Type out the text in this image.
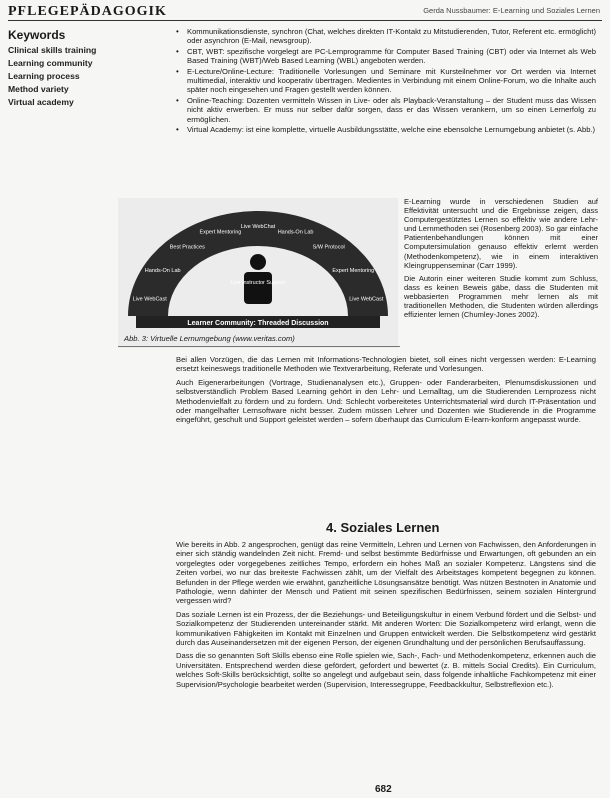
PFLEGEPÄDAGOGIK	Gerda Nussbaumer: E-Learning und Soziales Lernen
Keywords
Clinical skills training
Learning community
Learning process
Method variety
Virtual academy
• Kommunikationsdienste, synchron (Chat, welches direkten IT-Kontakt zu Mitstudierenden, Tutor, Referent etc. ermöglicht) oder asynchron (E-Mail, newsgroup).
• CBT, WBT: spezifische vorgelegt are PC-Lernprogramme für Computer Based Training (CBT) oder via Internet als Web Based Training (WBT)/Web Based Learning (WBL) angeboten werden.
• E-Lecture/Online-Lecture: Traditionelle Vorlesungen und Seminare mit Kursteilnehmer vor Ort werden via Internet multimedial, interaktiv und kooperativ übertragen. Medientes in Verbindung mit einem Online-Forum, wo die Inhalte auch später noch eingesehen und Fragen gestellt werden können.
• Online-Teaching: Dozenten vermitteln Wissen in Live- oder als Playback-Veranstaltung – der Student muss das Wissen nicht aktiv erwerben. Er muss nur selber dafür sorgen, dass er das Wissen verankern, um so einen Lernerfolg zu ermöglichen.
• Virtual Academy: ist eine komplette, virtuelle Ausbildungsstätte, welche eine ebensolche Lernumgebung anbietet (s. Abb.)
Live WebCast
Hands-On Lab
Best Practices
Expert Mentoring
Live WebChat
Hands-On Lab
S/W Protocol
Expert Mentoring
Live WebCast
Live Instructor Support
Learner Community: Threaded Discussion
Abb. 3: Virtuelle Lernumgebung (www.veritas.com)

E-Learning wurde in verschiedenen Studien auf Effektivität untersucht und die Ergebnisse zeigen, dass Computergestütztes Lernen so effektiv wie andere Lehr- und Lernmethoden sei (Rosenberg 2003). So gar einfache Patientenbehandlungen können mit einer Computersimulation genauso effektiv erlernt werden (Methodenkompetenz), wie in einem interaktiven Kleingruppenseminar (Carr 1999).

Die Autorin einer weiteren Studie kommt zum Schluss, dass es keinen Beweis gäbe, dass die Studenten mit webbasierten Programmen mehr lernen als mit traditionellen Methoden, die Studenten würden allerdings effizienter lernen (Chumley-Jones 2002).

Bei allen Vorzügen, die das Lernen mit Informations-Technologien bietet, soll eines nicht vergessen werden: E-Learning ersetzt keineswegs traditionelle Methoden wie Textverarbeitung, Referate und Vorlesungen.

Auch Eigenerarbeitungen (Vortrage, Studienanalysen etc.), Gruppen- oder Fanderarbeiten, Plenumsdiskussionen und selbstverständlich Problem Based Learning gehört in den Lehr- und Lernalltag, um die Studierenden Lernprozess nicht Methodenvielfalt zu fördern und zu fordern. Und: Schlecht vorbereitetes Unterrichtsmaterial wird durch IT-Präsentation und oder mangelhafter Lernsoftware nicht besser. Zudem müssen Lehrer und Dozenten wie Studierende in die Programme eingeführt, geschult und Support geleistet werden – sofern überhaupt das Curriculum E-learn-konform angepasst wurde.

4. Soziales Lernen

Wie bereits in Abb. 2 angesprochen, genügt das reine Vermitteln, Lehren und Lernen von Fachwissen, den Anforderungen in einer sich ständig wandelnden Zeit nicht. Fremd- und selbst bestimmte Bedürfnisse und Erwartungen, oft gebunden an ein vorgelegtes oder vorgegebenes zeitliches Tempo, erfordern ein hohes Maß an sozialer Kompetenz. Längstens sind die Zeiten vorbei, wo nur das breiteste Fachwissen zählt, um der Vielfalt des Arbeitstages kompetent begegnen zu können. Befunden in der Pflege werden wie erwähnt, ganzheitliche Lösungsansätze benötigt. Was nützen Bestnoten in Anatomie und Pathologie, wenn dahinter der Mensch und Patient mit seinen spezifischen Bedürfnissen, seinem sozialen Hintergrund vergessen wird?

Das soziale Lernen ist ein Prozess, der die Beziehungs- und Beteiligungskultur in einem Verbund fördert und die Selbst- und Sozialkompetenz der Studierenden untereinander stärkt. Mit anderen Worten: Die Sozialkompetenz wird erlangt, wenn die kommunikativen Fähigkeiten im Kontakt mit Einzelnen und Gruppen entwickelt werden. Die Selbstkompetenz wird gestärkt durch das Auseinandersetzen mit der eigenen Person, der eigenen Grundhaltung und der persönlichen Berufsauffassung.

Dass die so genannten Soft Skills ebenso eine Rolle spielen wie, Sach-, Fach- und Methodenkompetenz, erkennen auch die Universitäten. Entsprechend werden diese gefördert, gefordert und bewertet (z. B. mittels Social Credits). Ein Curriculum, welches Soft-Skills berücksichtigt, sollte so angelegt und aufgebaut sein, dass folgende inhaltliche Fachkompetenz mit einer Supervision/Psychologie bearbeitet werden (Supervision, Interessegruppe, Feedbackkultur, Selbstreflexion etc.).

682
